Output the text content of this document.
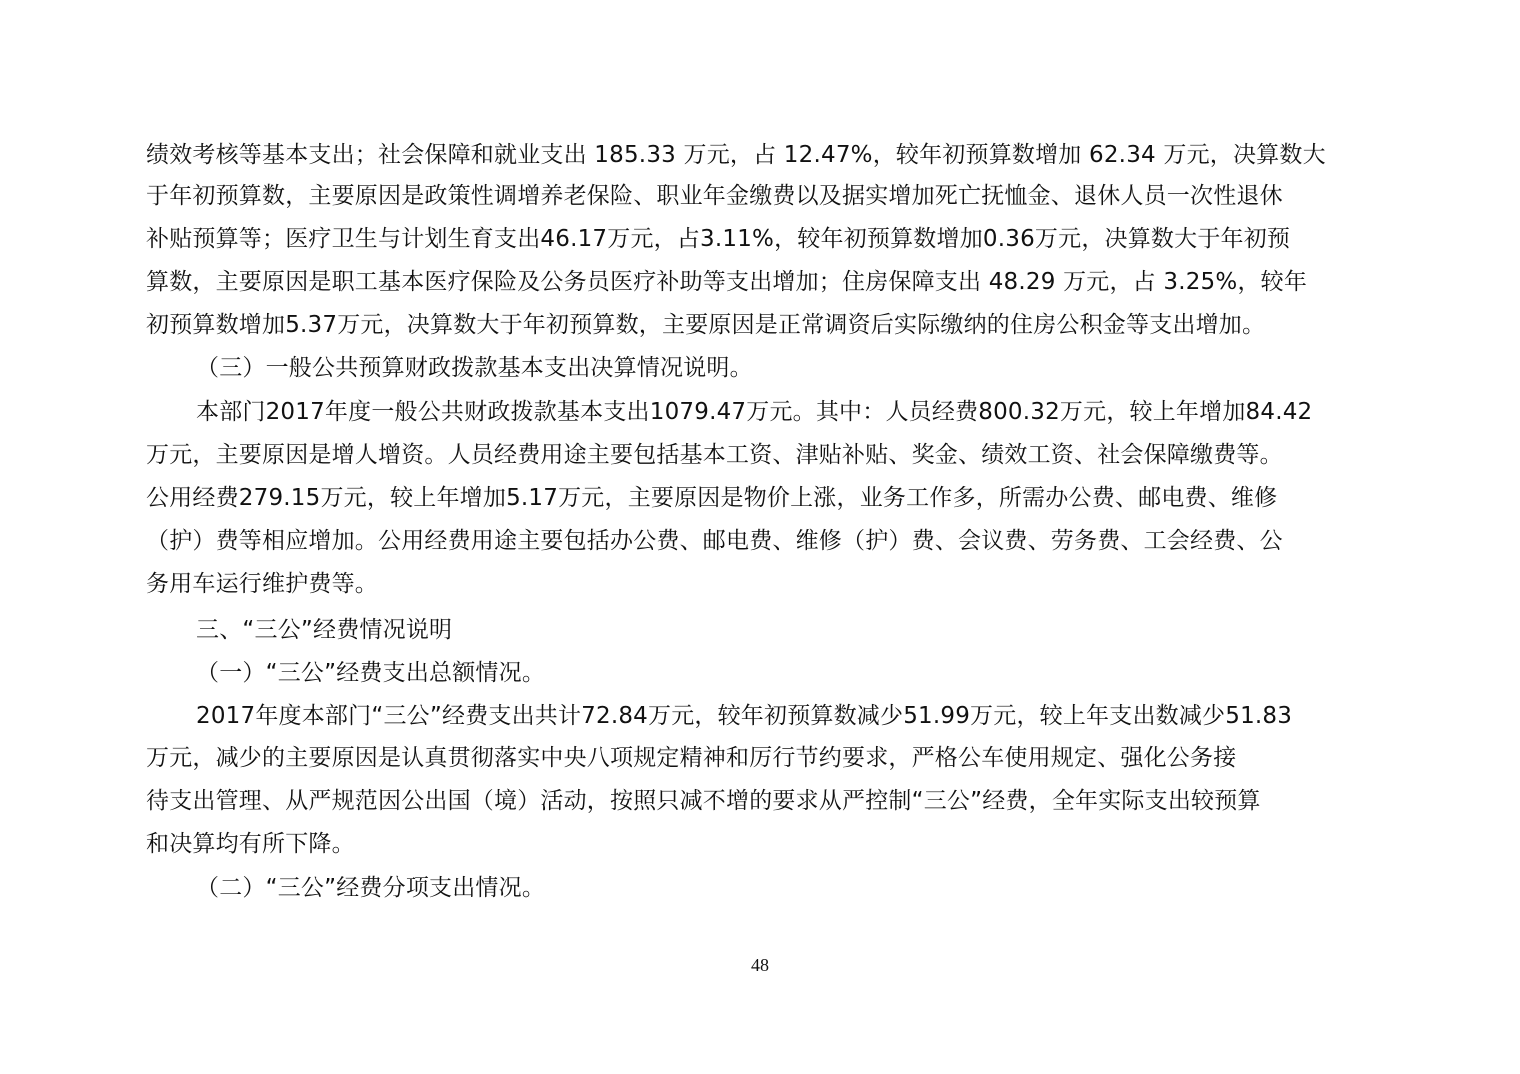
绩效考核等基本支出；社会保障和就业支出 185.33 万元，占 12.47%，较年初预算数增加 62.34 万元，决算数大
于年初预算数，主要原因是政策性调增养老保险、职业年金缴费以及据实增加死亡抚恤金、退休人员一次性退休
补贴预算等；医疗卫生与计划生育支出46.17万元，占3.11%，较年初预算数增加0.36万元，决算数大于年初预
算数，主要原因是职工基本医疗保险及公务员医疗补助等支出增加；住房保障支出 48.29 万元，占 3.25%，较年
初预算数增加5.37万元，决算数大于年初预算数，主要原因是正常调资后实际缴纳的住房公积金等支出增加。
（三）一般公共预算财政拨款基本支出决算情况说明。
本部门2017年度一般公共财政拨款基本支出1079.47万元。其中：人员经费800.32万元，较上年增加84.42
万元，主要原因是增人增资。人员经费用途主要包括基本工资、津贴补贴、奖金、绩效工资、社会保障缴费等。
公用经费279.15万元，较上年增加5.17万元，主要原因是物价上涨，业务工作多，所需办公费、邮电费、维修
（护）费等相应增加。公用经费用途主要包括办公费、邮电费、维修（护）费、会议费、劳务费、工会经费、公
务用车运行维护费等。
三、“三公”经费情况说明
（一）“三公”经费支出总额情况。
2017年度本部门“三公”经费支出共计72.84万元，较年初预算数减少51.99万元，较上年支出数减少51.83
万元，减少的主要原因是认真贯彻落实中央八项规定精神和厉行节约要求，严格公车使用规定、强化公务接
待支出管理、从严规范因公出国（境）活动，按照只减不增的要求从严控制“三公”经费，全年实际支出较预算
和决算均有所下降。
（二）“三公”经费分项支出情况。
48
